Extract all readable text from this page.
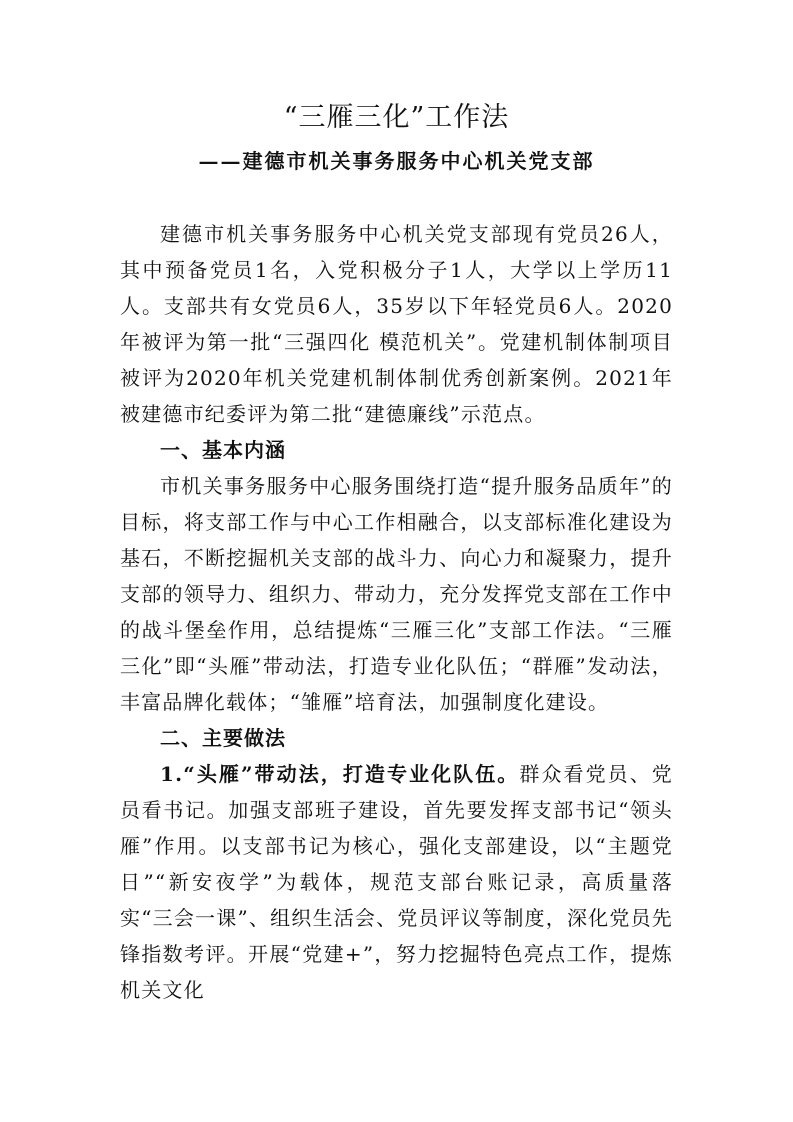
“三雁三化”工作法
——建德市机关事务服务中心机关党支部

建德市机关事务服务中心机关党支部现有党员26人，其中预备党员1名，入党积极分子1人，大学以上学历11人。支部共有女党员6人，35岁以下年轻党员6人。2020年被评为第一批“三强四化 模范机关”。党建机制体制项目被评为2020年机关党建机制体制优秀创新案例。2021年被建德市纪委评为第二批“建德廉线”示范点。

一、基本内涵

市机关事务服务中心服务围绕打造“提升服务品质年”的目标，将支部工作与中心工作相融合，以支部标准化建设为基石，不断挖掘机关支部的战斗力、向心力和凝聚力，提升支部的领导力、组织力、带动力，充分发挥党支部在工作中的战斗堡垒作用，总结提炼“三雁三化”支部工作法。“三雁三化”即“头雁”带动法，打造专业化队伍；“群雁”发动法，丰富品牌化载体；“雏雁”培育法，加强制度化建设。

二、主要做法

1.“头雁”带动法，打造专业化队伍。群众看党员、党员看书记。加强支部班子建设，首先要发挥支部书记“领头雁”作用。以支部书记为核心，强化支部建设，以“主题党日”“新安夜学”为载体，规范支部台账记录，高质量落实“三会一课”、组织生活会、党员评议等制度，深化党员先锋指数考评。开展“党建+”，努力挖掘特色亮点工作，提炼机关文化
